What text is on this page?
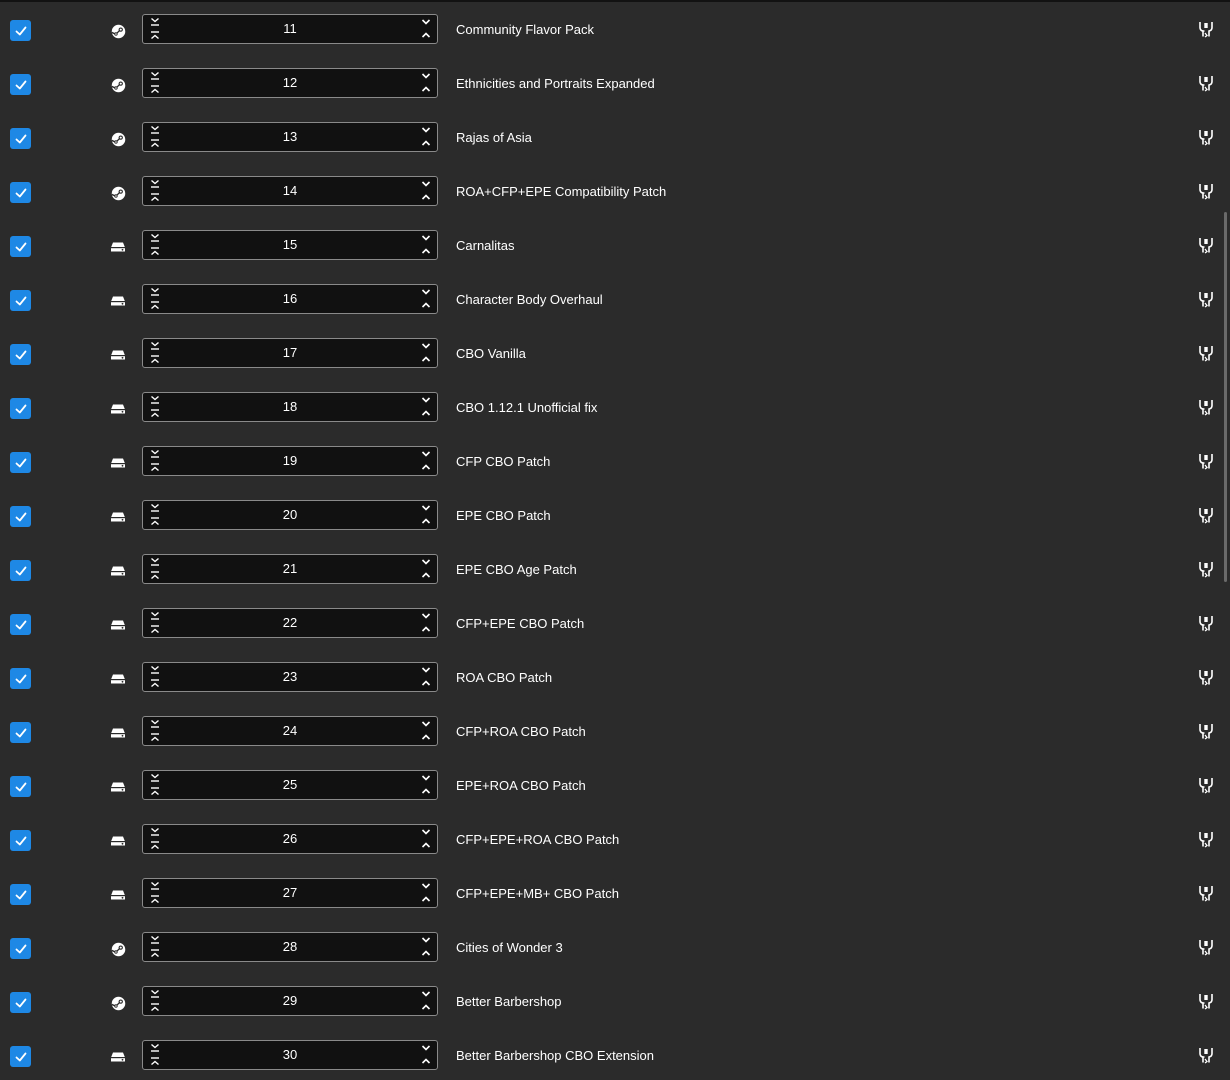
11	Community Flavor Pack
12	Ethnicities and Portraits Expanded
13	Rajas of Asia
14	ROA+CFP+EPE Compatibility Patch
15	Carnalitas
16	Character Body Overhaul
17	CBO Vanilla
18	CBO 1.12.1 Unofficial fix
19	CFP CBO Patch
20	EPE CBO Patch
21	EPE CBO Age Patch
22	CFP+EPE CBO Patch
23	ROA CBO Patch
24	CFP+ROA CBO Patch
25	EPE+ROA CBO Patch
26	CFP+EPE+ROA CBO Patch
27	CFP+EPE+MB+ CBO Patch
28	Cities of Wonder 3
29	Better Barbershop
30	Better Barbershop CBO Extension
